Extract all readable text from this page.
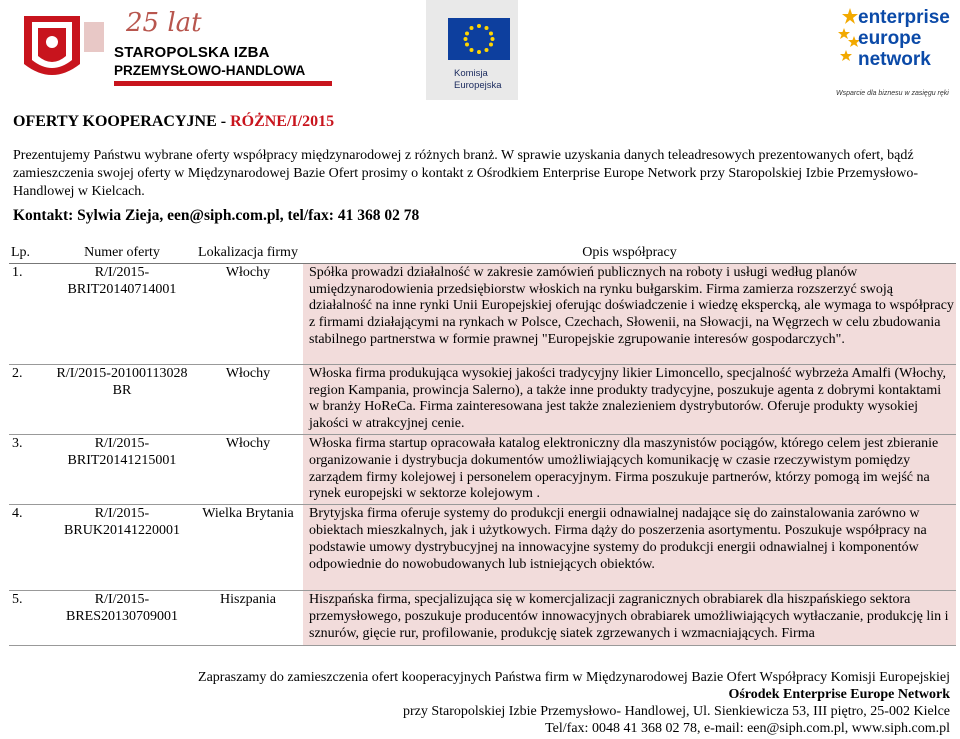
25 lat
STAROPOLSKA IZBA
PRZEMYSŁOWO-HANDLOWA	Komisja
Europejska
enterprise
europe
network
Wsparcie dla biznesu w zasięgu ręki
OFERTY KOOPERACYJNE - RÓŻNE/I/2015
Prezentujemy Państwu wybrane oferty współpracy międzynarodowej z różnych branż. W sprawie uzyskania danych teleadresowych prezentowanych ofert, bądź zamieszczenia swojej oferty w Międzynarodowej Bazie Ofert prosimy o kontakt z Ośrodkiem Enterprise Europe Network przy Staropolskiej Izbie Przemysłowo-Handlowej w Kielcach.
Kontakt: Sylwia Zieja, een@siph.com.pl, tel/fax: 41 368 02 78
Lp.	Numer oferty	Lokalizacja firmy	Opis współpracy
1.	R/I/2015-BRIT20140714001	Włochy	Spółka prowadzi działalność w zakresie zamówień publicznych na roboty i usługi według planów umiędzynarodowienia przedsiębiorstw włoskich na rynku bułgarskim. Firma zamierza rozszerzyć swoją działalność na inne rynki Unii Europejskiej oferując doświadczenie i wiedzę ekspercką, ale wymaga to współpracy z firmami działającymi na rynkach w Polsce, Czechach, Słowenii, na Słowacji, na Węgrzech w celu zbudowania stabilnego partnerstwa w formie prawnej "Europejskie zgrupowanie interesów gospodarczych".
2.	R/I/2015-20100113028 BR	Włochy	Włoska firma produkująca wysokiej jakości tradycyjny likier Limoncello, specjalność wybrzeża Amalfi (Włochy, region Kampania, prowincja Salerno), a także inne produkty tradycyjne, poszukuje agenta z dobrymi kontaktami w branży HoReCa. Firma zainteresowana jest także znalezieniem dystrybutorów. Oferuje produkty wysokiej jakości w atrakcyjnej cenie.
3.	R/I/2015-BRIT20141215001	Włochy	Włoska firma startup opracowała katalog elektroniczny dla maszynistów pociągów, którego celem jest zbieranie organizowanie i dystrybucja dokumentów umożliwiających komunikację w czasie rzeczywistym pomiędzy zarządem firmy kolejowej i personelem operacyjnym. Firma poszukuje partnerów, którzy pomogą im wejść na rynek europejski w sektorze kolejowym .
4.	R/I/2015-BRUK20141220001	Wielka Brytania	Brytyjska firma oferuje systemy do produkcji energii odnawialnej nadające się do zainstalowania zarówno w obiektach mieszkalnych, jak i użytkowych. Firma dąży do poszerzenia asortymentu. Poszukuje współpracy na podstawie umowy dystrybucyjnej na innowacyjne systemy do produkcji energii odnawialnej i komponentów odpowiednie do nowobudowanych lub istniejących obiektów.
5.	R/I/2015-BRES20130709001	Hiszpania	Hiszpańska firma, specjalizująca się w komercjalizacji zagranicznych obrabiarek dla hiszpańskiego sektora przemysłowego, poszukuje producentów innowacyjnych obrabiarek umożliwiających wytłaczanie, produkcję lin i sznurów, gięcie rur, profilowanie, produkcję siatek zgrzewanych i wzmacniających. Firma
Zapraszamy do zamieszczenia ofert kooperacyjnych Państwa firm w Międzynarodowej Bazie Ofert Współpracy Komisji Europejskiej
Ośrodek Enterprise Europe Network
przy Staropolskiej Izbie Przemysłowo- Handlowej, Ul. Sienkiewicza 53, III piętro, 25-002 Kielce
Tel/fax: 0048 41 368 02 78, e-mail: een@siph.com.pl, www.siph.com.pl
